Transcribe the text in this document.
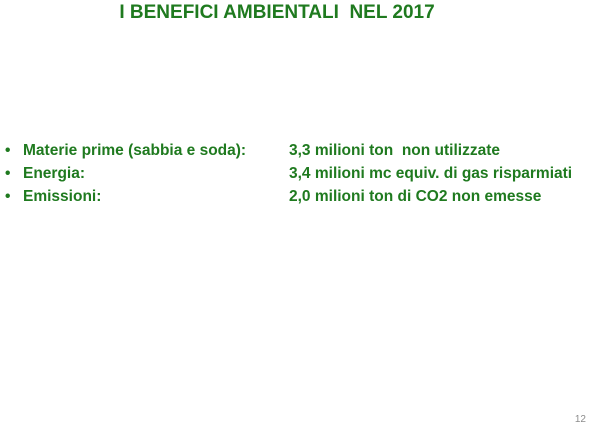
I BENEFICI AMBIENTALI  NEL 2017

•

Materie prime (sabbia e soda):

	3,3 milioni ton  non utilizzate

•

Energia:

	3,4 milioni mc equiv. di gas risparmiati

•

Emissioni:

	2,0 milioni ton di CO2 non emesse

12
